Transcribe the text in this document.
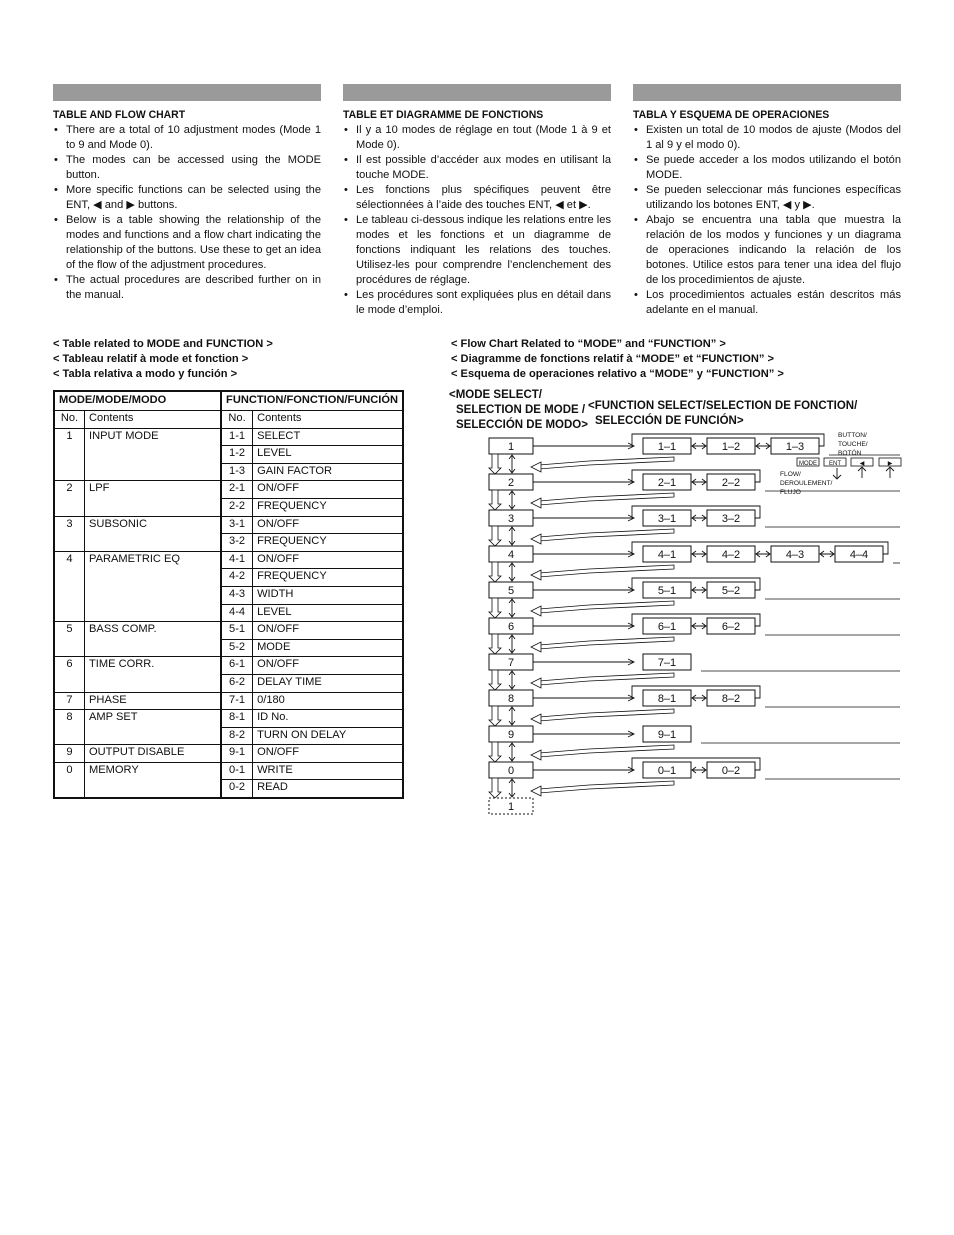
TABLE AND FLOW CHART
• There are a total of 10 adjustment modes (Mode 1 to 9 and Mode 0).
• The modes can be accessed using the MODE button.
• More specific functions can be selected using the ENT, ◀ and ▶ buttons.
• Below is a table showing the relationship of the modes and functions and a flow chart indicating the relationship of the buttons. Use these to get an idea of the flow of the adjustment procedures.
• The actual procedures are described further on in the manual.
TABLE ET DIAGRAMME DE FONCTIONS
• Il y a 10 modes de réglage en tout (Mode 1 à 9 et Mode 0).
• Il est possible d’accéder aux modes en utilisant la touche MODE.
• Les fonctions plus spécifiques peuvent être sélectionnées à l’aide des touches ENT, ◀ et ▶.
• Le tableau ci-dessous indique les relations entre les modes et les fonctions et un diagramme de fonctions indiquant les relations des touches. Utilisez-les pour comprendre l’enclenchement des procédures de réglage.
• Les procédures sont expliquées plus en détail dans le mode d’emploi.
TABLA Y ESQUEMA DE OPERACIONES
• Existen un total de 10 modos de ajuste (Modos del 1 al 9 y el modo 0).
• Se puede acceder a los modos utilizando el botón MODE.
• Se pueden seleccionar más funciones específicas utilizando los botones ENT, ◀ y ▶.
• Abajo se encuentra una tabla que muestra la relación de los modos y funciones y un diagrama de operaciones indicando la relación de los botones. Utilice estos para tener una idea del flujo de los procedimientos de ajuste.
• Los procedimientos actuales están descritos más adelante en el manual.
< Table related to MODE and FUNCTION >
< Tableau relatif à mode et fonction >
< Tabla relativa a modo y función >
MODE/MODE/MODO		FUNCTION/FONCTION/FUNCIÓN	
No.	Contents	No.	Contents
1	INPUT MODE	1-1	SELECT
		1-2	LEVEL
		1-3	GAIN FACTOR
2	LPF	2-1	ON/OFF
		2-2	FREQUENCY
3	SUBSONIC	3-1	ON/OFF
		3-2	FREQUENCY
4	PARAMETRIC EQ	4-1	ON/OFF
		4-2	FREQUENCY
		4-3	WIDTH
		4-4	LEVEL
5	BASS COMP.	5-1	ON/OFF
		5-2	MODE
6	TIME CORR.	6-1	ON/OFF
		6-2	DELAY TIME
7	PHASE	7-1	0/180
8	AMP SET	8-1	ID No.
		8-2	TURN ON DELAY
9	OUTPUT DISABLE	9-1	ON/OFF
0	MEMORY	0-1	WRITE
		0-2	READ
< Flow Chart Related to “MODE” and “FUNCTION” >
< Diagramme de fonctions relatif à “MODE” et “FUNCTION” >
< Esquema de operaciones relativo a “MODE” y “FUNCTION” >
<MODE SELECT/
SELECTION DE MODE /
SELECCIÓN DE MODO>
<FUNCTION SELECT/SELECTION DE FONCTION/
SELECCIÓN DE FUNCIÓN>
BUTTON/
TOUCHE/
BOTÓN
FLOW/
DEROULEMENT/
FLUJO
MODE ENT	◀	▶
1	1–1	1–2	1–3
2	2–1	2–2
3	3–1	3–2
4	4–1	4–2	4–3	4–4
5	5–1	5–2
6	6–1	6–2
7	7–1
8	8–1	8–2
9	9–1
0	0–1	0–2
1
